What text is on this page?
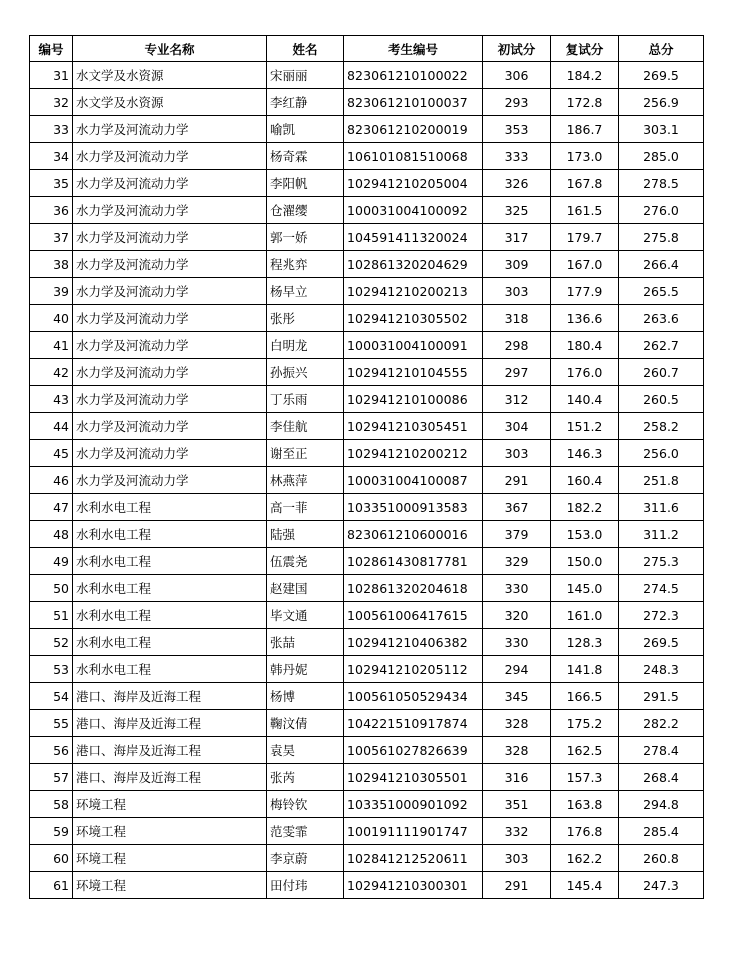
编号	专业名称	姓名	考生编号	初试分	复试分	总分
31	水文学及水资源	宋丽丽	823061210100022	306	184.2	269.5
32	水文学及水资源	李红静	823061210100037	293	172.8	256.9
33	水力学及河流动力学	喻凯	823061210200019	353	186.7	303.1
34	水力学及河流动力学	杨奇霖	106101081510068	333	173.0	285.0
35	水力学及河流动力学	李阳帆	102941210205004	326	167.8	278.5
36	水力学及河流动力学	仓濯缨	100031004100092	325	161.5	276.0
37	水力学及河流动力学	郭一娇	104591411320024	317	179.7	275.8
38	水力学及河流动力学	程兆弈	102861320204629	309	167.0	266.4
39	水力学及河流动力学	杨早立	102941210200213	303	177.9	265.5
40	水力学及河流动力学	张彤	102941210305502	318	136.6	263.6
41	水力学及河流动力学	白明龙	100031004100091	298	180.4	262.7
42	水力学及河流动力学	孙振兴	102941210104555	297	176.0	260.7
43	水力学及河流动力学	丁乐雨	102941210100086	312	140.4	260.5
44	水力学及河流动力学	李佳航	102941210305451	304	151.2	258.2
45	水力学及河流动力学	谢至正	102941210200212	303	146.3	256.0
46	水力学及河流动力学	林燕萍	100031004100087	291	160.4	251.8
47	水利水电工程	高一菲	103351000913583	367	182.2	311.6
48	水利水电工程	陆强	823061210600016	379	153.0	311.2
49	水利水电工程	伍震尧	102861430817781	329	150.0	275.3
50	水利水电工程	赵建国	102861320204618	330	145.0	274.5
51	水利水电工程	毕文通	100561006417615	320	161.0	272.3
52	水利水电工程	张喆	102941210406382	330	128.3	269.5
53	水利水电工程	韩丹妮	102941210205112	294	141.8	248.3
54	港口、海岸及近海工程	杨博	100561050529434	345	166.5	291.5
55	港口、海岸及近海工程	鞠汶倩	104221510917874	328	175.2	282.2
56	港口、海岸及近海工程	袁昊	100561027826639	328	162.5	278.4
57	港口、海岸及近海工程	张芮	102941210305501	316	157.3	268.4
58	环境工程	梅铃钦	103351000901092	351	163.8	294.8
59	环境工程	范雯霏	100191111901747	332	176.8	285.4
60	环境工程	李京蔚	102841212520611	303	162.2	260.8
61	环境工程	田付玮	102941210300301	291	145.4	247.3
